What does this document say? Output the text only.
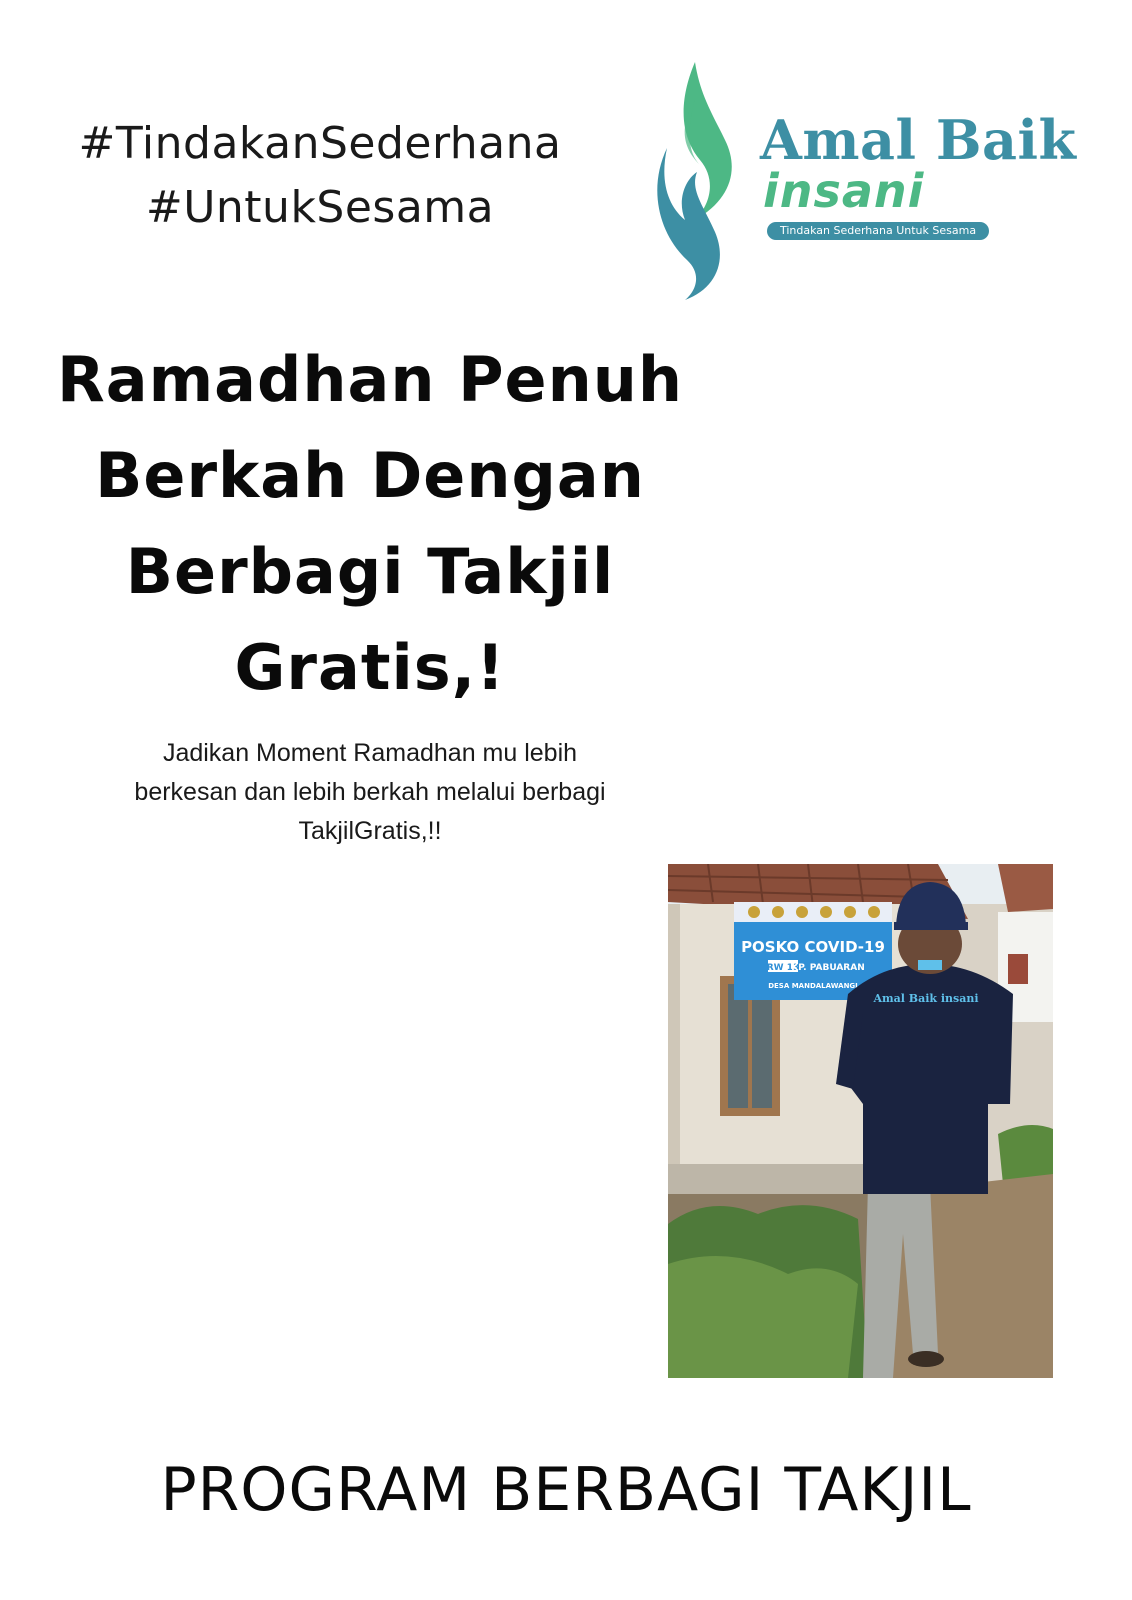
#TindakanSederhana
#UntukSesama
Amal Baik
insani
Tindakan Sederhana Untuk Sesama
Ramadhan Penuh
Berkah Dengan
Berbagi Takjil
Gratis,!
Jadikan Moment Ramadhan mu lebih
berkesan dan lebih berkah melalui berbagi
TakjilGratis,!!
POSKO COVID-19
RW 13
KP. PABUARAN
DESA MANDALAWANGI
Amal Baik insani
PROGRAM BERBAGI TAKJIL
